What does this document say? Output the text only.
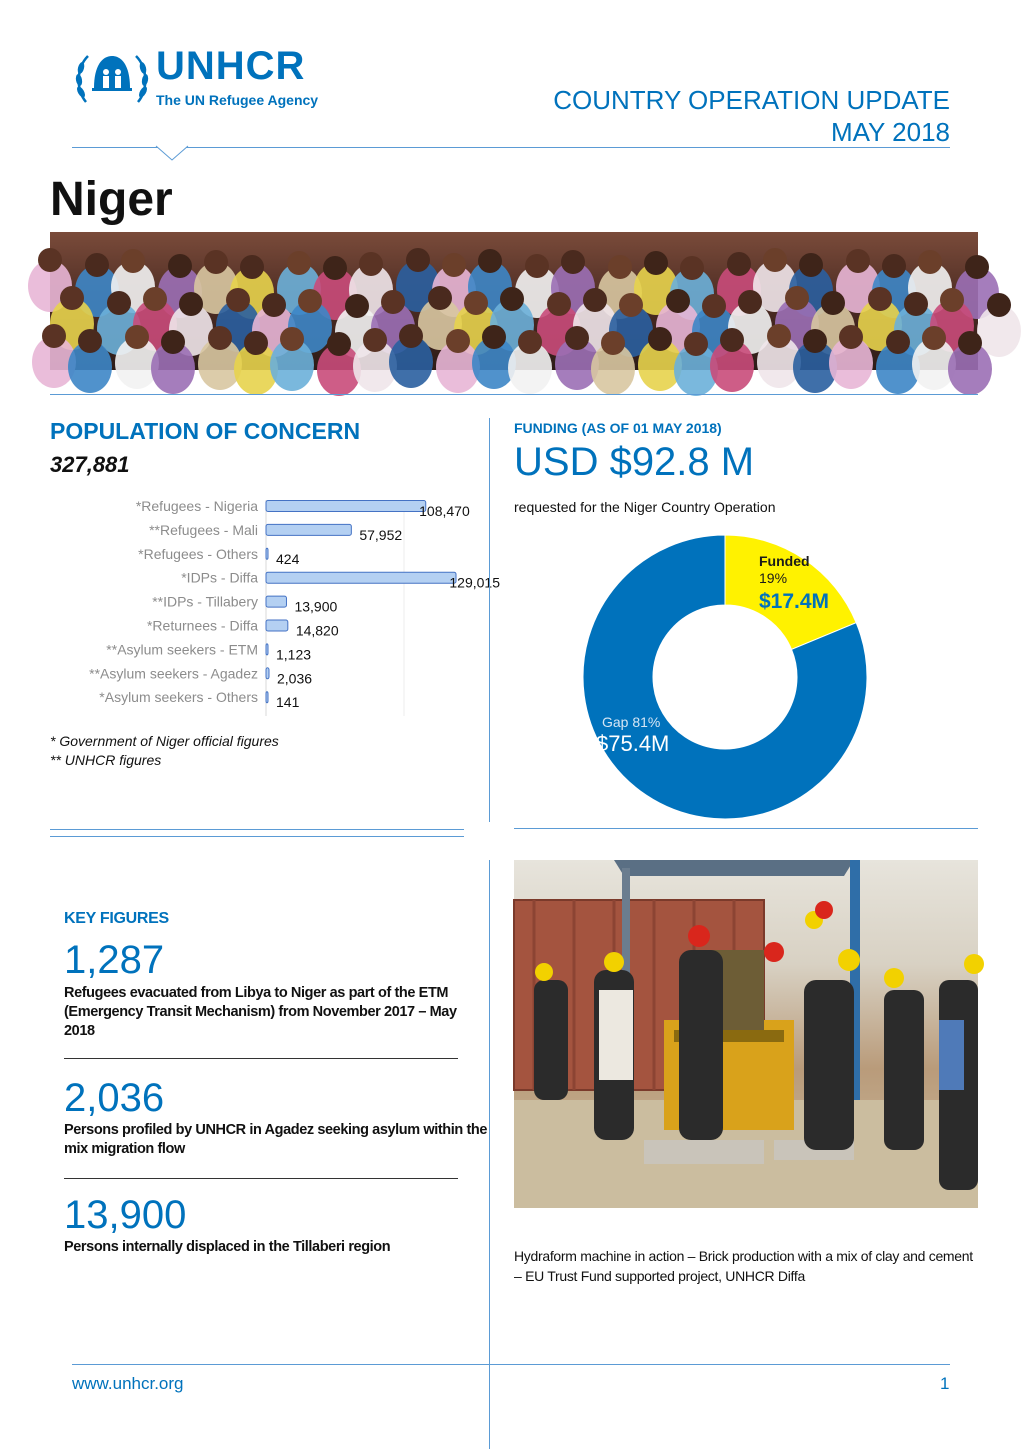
UNHCR
The UN Refugee Agency	COUNTRY OPERATION UPDATE
MAY 2018
Niger
POPULATION OF CONCERN
327,881
*Refugees - Nigeria	108,470
**Refugees - Mali	57,952
*Refugees - Others 424
*IDPs - Diffa	129,015
**IDPs - Tillabery	13,900
*Returnees - Diffa	14,820
**Asylum seekers - ETM 1,123
**Asylum seekers - Agadez 2,036
*Asylum seekers - Others 141
* Government of Niger official figures
** UNHCR figures
FUNDING (AS OF 01 MAY 2018)
USD $92.8 M
requested for the Niger Country Operation
Funded
19%
$17.4M
Gap 81%
$75.4M
KEY FIGURES
1,287
Refugees evacuated from Libya to Niger as part of the ETM (Emergency Transit Mechanism) from November 2017 – May 2018
2,036
Persons profiled by UNHCR in Agadez seeking asylum within the mix migration flow
13,900
Persons internally displaced in the Tillaberi region
Hydraform machine in action – Brick production with a mix of clay and cement – EU Trust Fund supported project, UNHCR Diffa
www.unhcr.org	1
